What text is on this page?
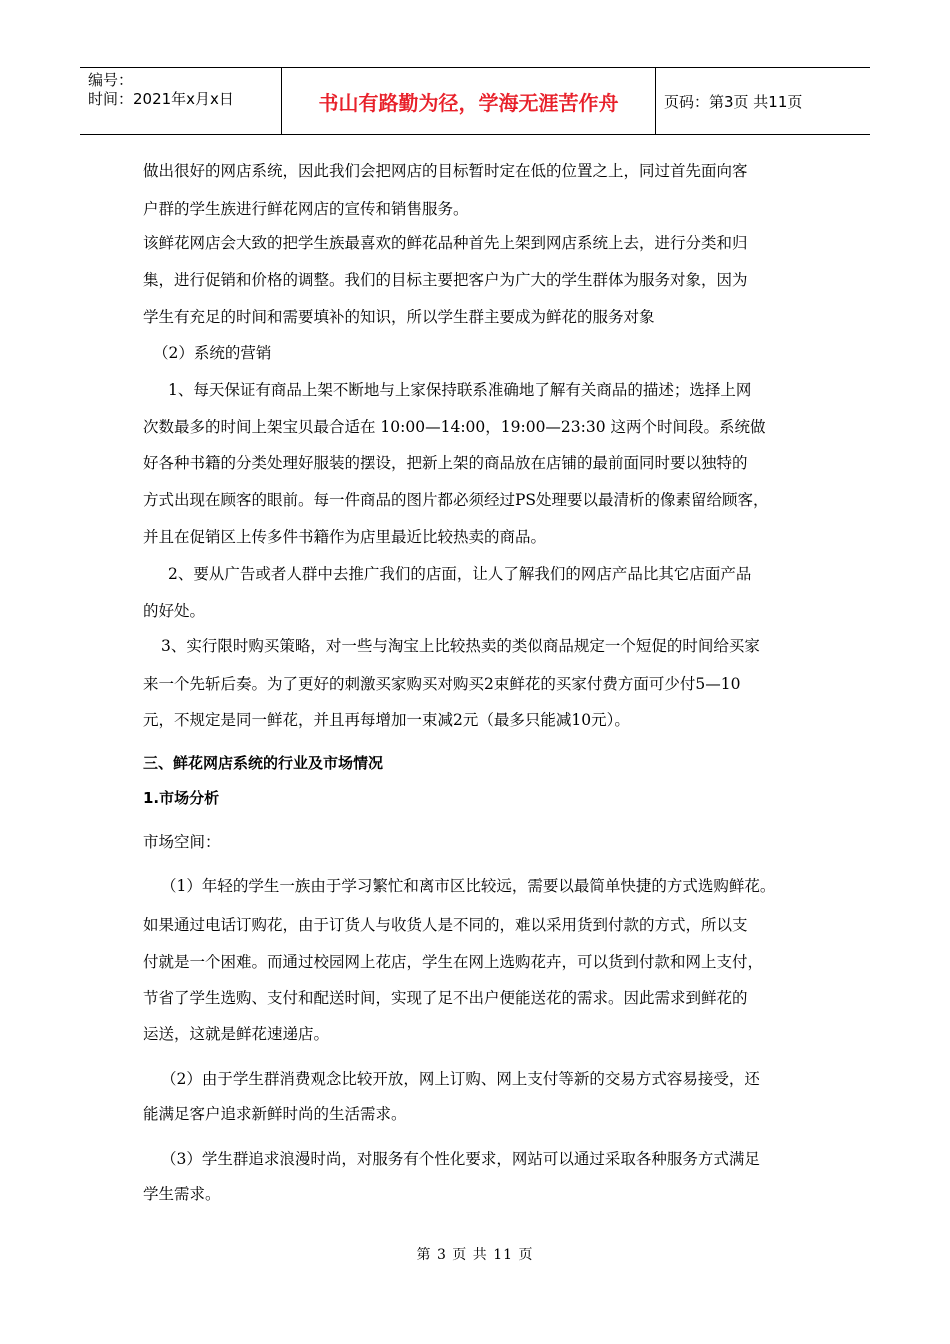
编号：
时间：2021年x月x日	书山有路勤为径，学海无涯苦作舟	页码：第3页 共11页
做出很好的网店系统，因此我们会把网店的目标暂时定在低的位置之上，同过首先面向客
户群的学生族进行鲜花网店的宣传和销售服务。
该鲜花网店会大致的把学生族最喜欢的鲜花品种首先上架到网店系统上去，进行分类和归
集，进行促销和价格的调整。我们的目标主要把客户为广大的学生群体为服务对象，因为
学生有充足的时间和需要填补的知识，所以学生群主要成为鲜花的服务对象
（2）系统的营销
1、每天保证有商品上架不断地与上家保持联系准确地了解有关商品的描述；选择上网
次数最多的时间上架宝贝最合适在 10:00—14:00，19:00—23:30 这两个时间段。系统做
好各种书籍的分类处理好服装的摆设，把新上架的商品放在店铺的最前面同时要以独特的
方式出现在顾客的眼前。每一件商品的图片都必须经过PS处理要以最清析的像素留给顾客，
并且在促销区上传多件书籍作为店里最近比较热卖的商品。
2、要从广告或者人群中去推广我们的店面，让人了解我们的网店产品比其它店面产品
的好处。
3、实行限时购买策略，对一些与淘宝上比较热卖的类似商品规定一个短促的时间给买家
来一个先斩后奏。为了更好的刺激买家购买对购买2束鲜花的买家付费方面可少付5—10
元，不规定是同一鲜花，并且再每增加一束减2元（最多只能减10元）。
三、鲜花网店系统的行业及市场情况
1.市场分析
市场空间：
（1）年轻的学生一族由于学习繁忙和离市区比较远，需要以最简单快捷的方式选购鲜花。
如果通过电话订购花，由于订货人与收货人是不同的，难以采用货到付款的方式，所以支
付就是一个困难。而通过校园网上花店，学生在网上选购花卉，可以货到付款和网上支付，
节省了学生选购、支付和配送时间，实现了足不出户便能送花的需求。因此需求到鲜花的
运送，这就是鲜花速递店。
（2）由于学生群消费观念比较开放，网上订购、网上支付等新的交易方式容易接受，还
能满足客户追求新鲜时尚的生活需求。
（3）学生群追求浪漫时尚，对服务有个性化要求，网站可以通过采取各种服务方式满足
学生需求。
第 3 页 共 11 页
